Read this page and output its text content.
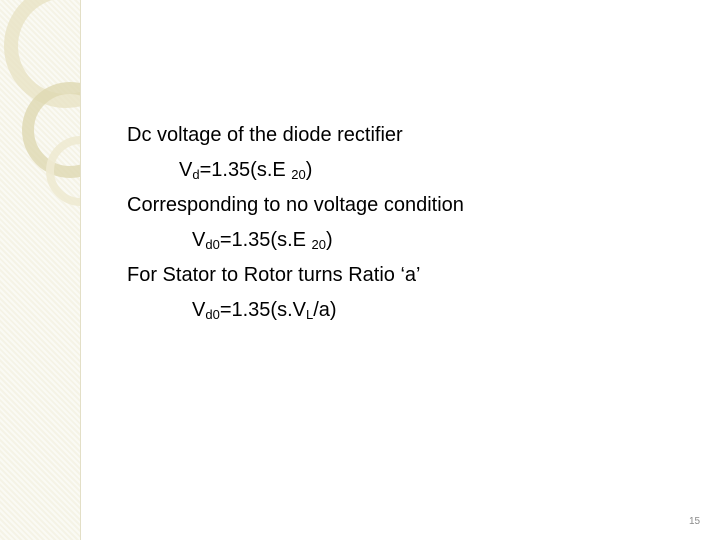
Dc voltage of the diode rectifier
$V_d=1.35(s.E$ $_{20}$)
Corresponding to no voltage condition
$V_{d0}=1.35(s.E$ $_{20}$)
For Stator to Rotor turns Ratio ‘a’
$V_{d0}=1.35(s.V_L/a)$
15
